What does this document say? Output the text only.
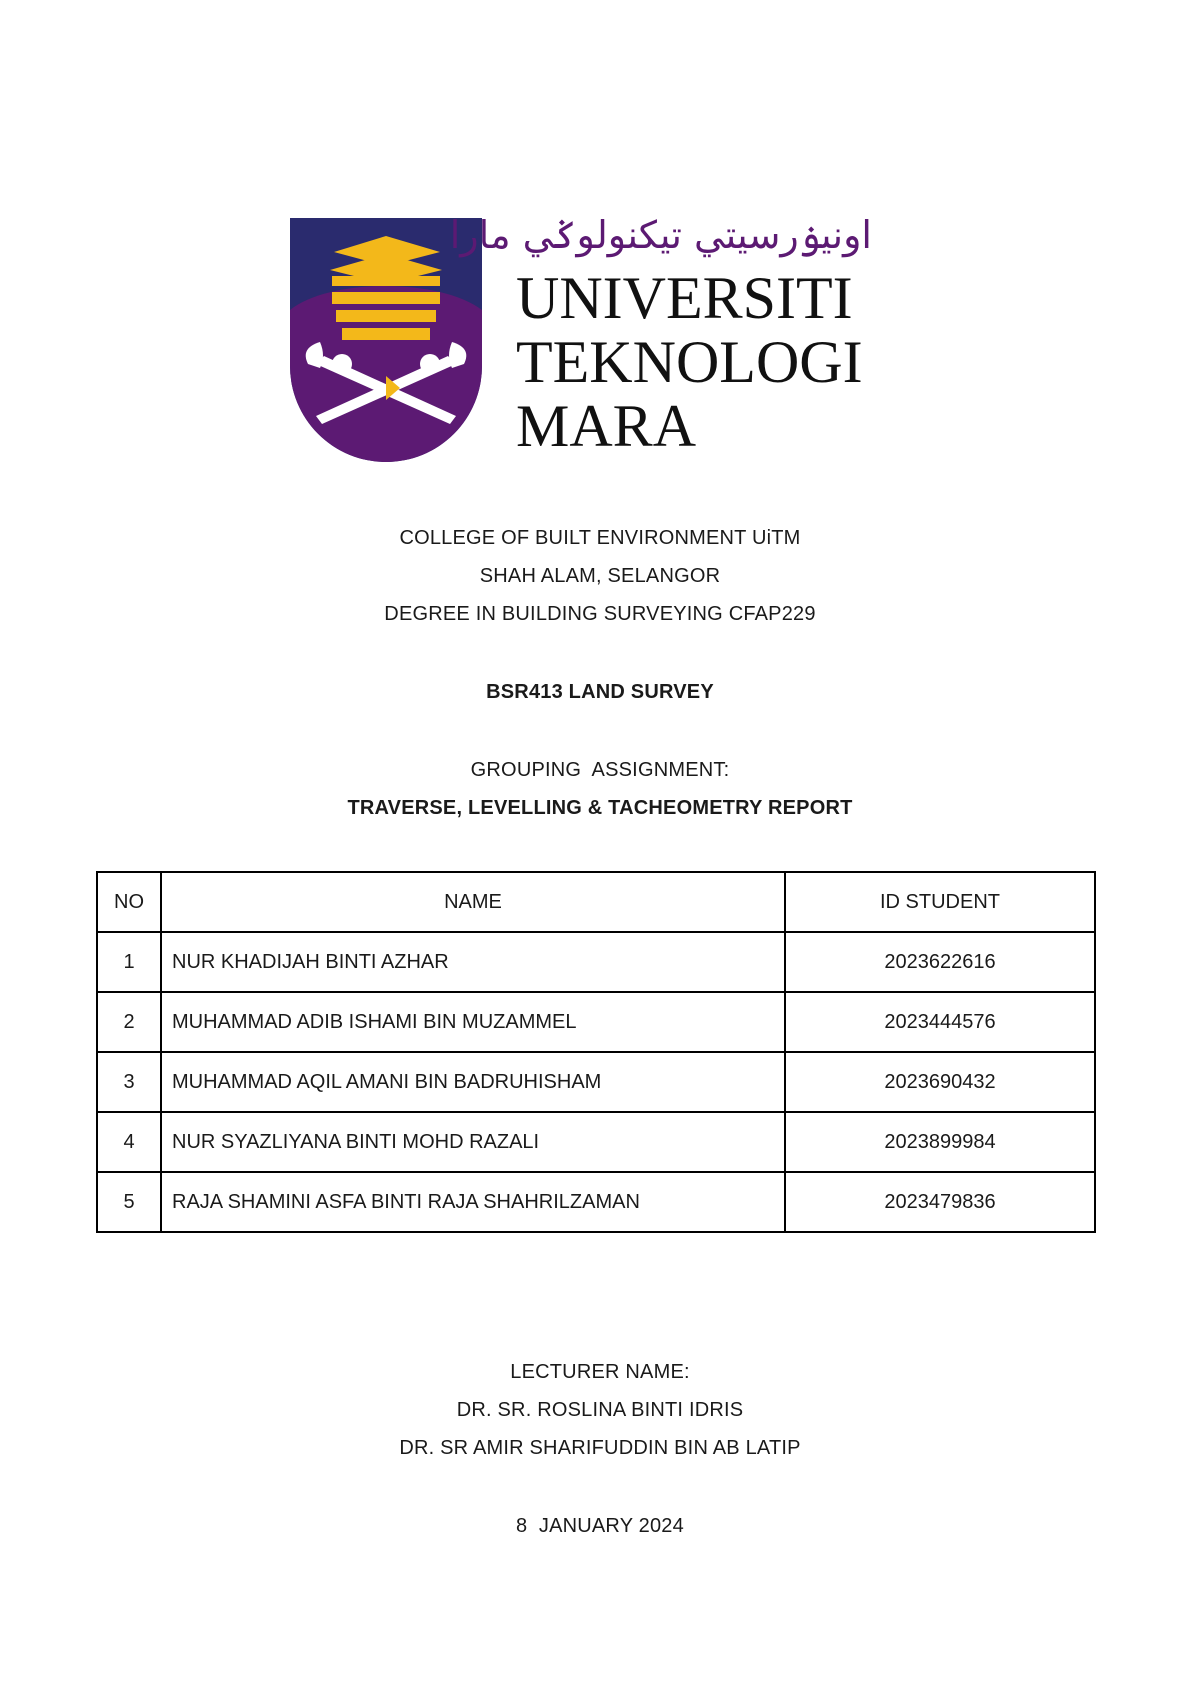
اونيۏرسيتي تيکنولوݢي مارا
UNIVERSITI
TEKNOLOGI
MARA
COLLEGE OF BUILT ENVIRONMENT UiTM
SHAH ALAM, SELANGOR
DEGREE IN BUILDING SURVEYING CFAP229
BSR413 LAND SURVEY
GROUPING  ASSIGNMENT:
TRAVERSE, LEVELLING & TACHEOMETRY REPORT
NO	NAME	ID STUDENT
1	NUR KHADIJAH BINTI AZHAR	2023622616
2	MUHAMMAD ADIB ISHAMI BIN MUZAMMEL	2023444576
3	MUHAMMAD AQIL AMANI BIN BADRUHISHAM	2023690432
4	NUR SYAZLIYANA BINTI MOHD RAZALI	2023899984
5	RAJA SHAMINI ASFA BINTI RAJA SHAHRILZAMAN	2023479836
LECTURER NAME:
DR. SR. ROSLINA BINTI IDRIS
DR. SR AMIR SHARIFUDDIN BIN AB LATIP
8  JANUARY 2024
